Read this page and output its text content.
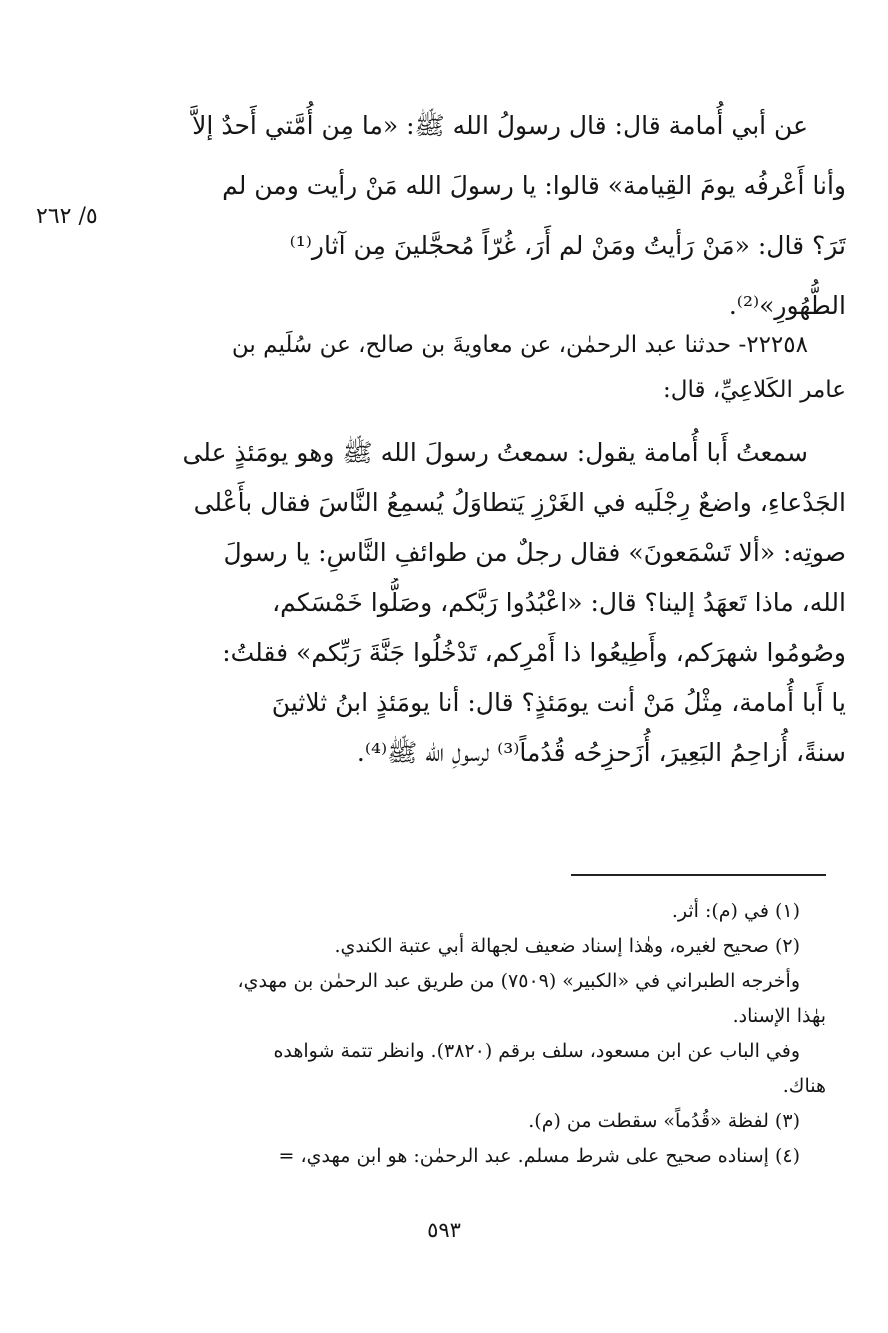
٥/ ٢٦٢
عن أبي أُمامة قال: قال رسولُ الله ﷺ: «ما مِن أُمَّتي أَحدٌ إلاَّ
وأنا أَعْرفُه يومَ القِيامة» قالوا: يا رسولَ الله مَنْ رأيت ومن لم
تَرَ؟ قال: «مَنْ رَأيتُ ومَنْ لم أَرَ، غُرّاً مُحجَّلينَ مِن آثار⁽¹⁾
الطُّهُورِ»⁽²⁾.
٢٢٢٥٨- حدثنا عبد الرحمٰن، عن معاويةَ بن صالح، عن سُلَيم بن
عامر الكَلاعِيِّ، قال:
سمعتُ أَبا أُمامة يقول: سمعتُ رسولَ الله ﷺ وهو يومَئذٍ على
الجَدْعاءِ، واضعٌ رِجْلَيه في الغَرْزِ يَتطاوَلُ يُسمِعُ النَّاسَ فقال بأَعْلى
صوتِه: «ألا تَسْمَعونَ» فقال رجلٌ من طوائفِ النَّاسِ: يا رسولَ
الله، ماذا تَعهَدُ إلينا؟ قال: «اعْبُدُوا رَبَّكم، وصَلُّوا خَمْسَكم،
وصُومُوا شهرَكم، وأَطِيعُوا ذا أَمْرِكم، تَدْخُلُوا جَنَّةَ رَبِّكم» فقلتُ:
يا أَبا أُمامة، مِثْلُ مَنْ أنت يومَئذٍ؟ قال: أنا يومَئذٍ ابنُ ثلاثينَ
سنةً، أُزاحِمُ البَعِيرَ، أُزَحزِحُه قُدُماً⁽³⁾ لرسولِ الله ﷺ⁽⁴⁾.
(١) في (م): أثر.
(٢) صحيح لغيره، وهٰذا إسناد ضعيف لجهالة أبي عتبة الكندي.
وأخرجه الطبراني في «الكبير» (٧٥٠٩) من طريق عبد الرحمٰن بن مهدي،
بهٰذا الإسناد.
وفي الباب عن ابن مسعود، سلف برقم (٣٨٢٠). وانظر تتمة شواهده
هناك.
(٣) لفظة «قُدُماً» سقطت من (م).
(٤) إسناده صحيح على شرط مسلم. عبد الرحمٰن: هو ابن مهدي، =
٥٩٣
